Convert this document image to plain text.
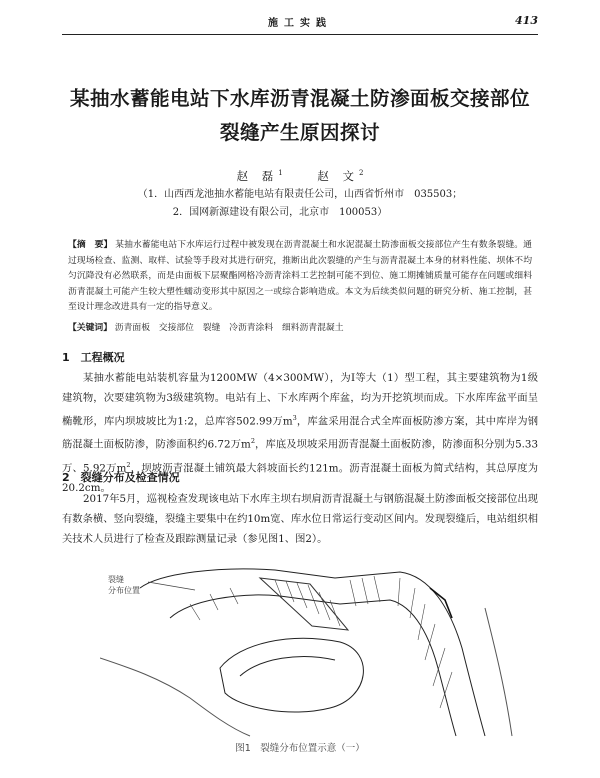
施工实践	413
某抽水蓄能电站下水库沥青混凝土防渗面板交接部位
裂缝产生原因探讨
赵 磊$^1$	赵 文$^2$
（1．山西西龙池抽水蓄能电站有限责任公司，山西省忻州市　035503；
2．国网新源建设有限公司，北京市　100053）
【摘　要】 某抽水蓄能电站下水库运行过程中被发现在沥青混凝土和水泥混凝土防渗面板交接部位产生有数条裂缝。通过现场检查、监测、取样、试验等手段对其进行研究，推断出此次裂缝的产生与沥青混凝土本身的材料性能、坝体不均匀沉降没有必然联系，而是由面板下层聚酯网格冷沥青涂料工艺控制可能不到位、施工期摊铺质量可能存在问题或细料沥青混凝土可能产生较大塑性蠕动变形其中原因之一或综合影响造成。本文为后续类似问题的研究分析、施工控制，甚至设计理念改进具有一定的指导意义。
【关键词】 沥青面板　交接部位　裂缝　冷沥青涂料　细料沥青混凝土
1　工程概况
某抽水蓄能电站装机容量为1200MW（4×300MW），为Ⅰ等大（1）型工程，其主要建筑物为1级建筑物，次要建筑物为3级建筑物。电站有上、下水库两个库盆，均为开挖筑坝而成。下水库库盆平面呈椭靴形，库内坝坡坡比为1:2，总库容502.99万$m^3$，库盆采用混合式全库面板防渗方案，其中库岸为钢筋混凝土面板防渗，防渗面积约6.72万$m^2$，库底及坝坡采用沥青混凝土面板防渗，防渗面积分别为5.33万、5.92万$m^2$，坝坡沥青混凝土铺筑最大斜坡面长约121m。沥青混凝土面板为简式结构，其总厚度为20.2cm。
2　裂缝分布及检查情况
2017年5月，巡视检查发现该电站下水库主坝右坝肩沥青混凝土与钢筋混凝土防渗面板交接部位出现有数条横、竖向裂缝，裂缝主要集中在约10m宽、库水位日常运行变动区间内。发现裂缝后，电站组织相关技术人员进行了检查及跟踪测量记录（参见图1、图2）。
裂缝
分布位置
图1　裂缝分布位置示意（一）
